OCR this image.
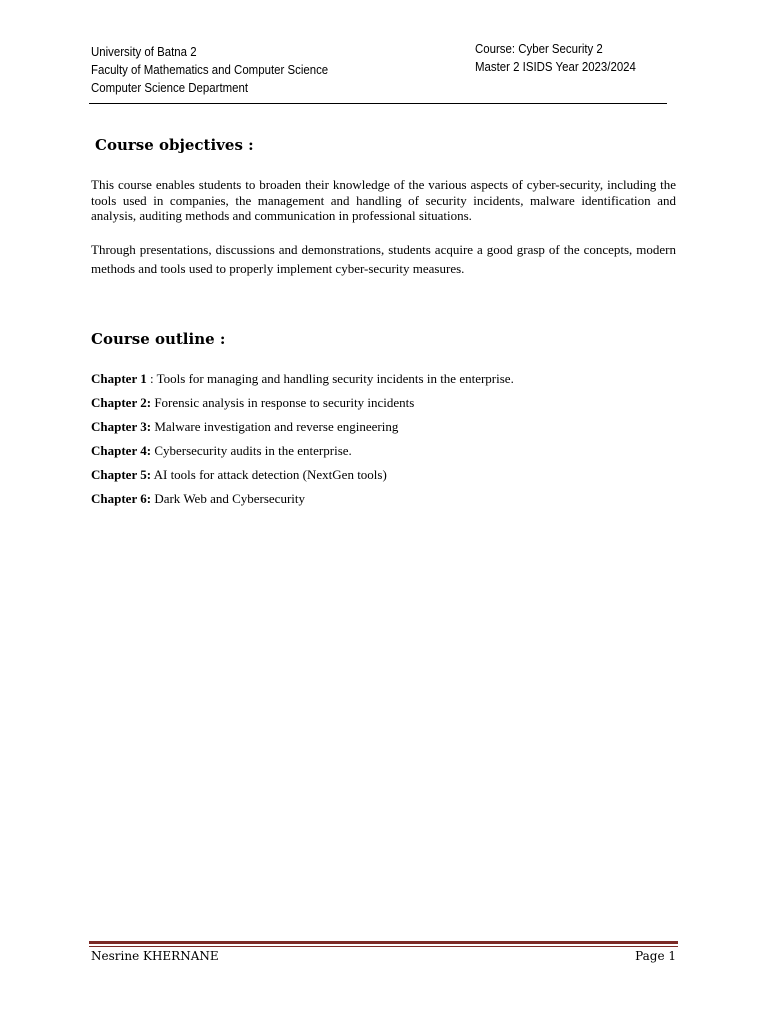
University of Batna 2
Faculty of Mathematics and Computer Science
Computer Science Department
Course: Cyber Security 2
Master 2 ISIDS Year 2023/2024
Course objectives :

This course enables students to broaden their knowledge of the various aspects of cyber-security, including the tools used in companies, the management and handling of security incidents, malware identification and analysis, auditing methods and communication in professional situations.

Through presentations, discussions and demonstrations, students acquire a good grasp of the concepts, modern methods and tools used to properly implement cyber-security measures.

Course outline :
Chapter 1 : Tools for managing and handling security incidents in the enterprise.
Chapter 2: Forensic analysis in response to security incidents
Chapter 3: Malware investigation and reverse engineering
Chapter 4: Cybersecurity audits in the enterprise.
Chapter 5: AI tools for attack detection (NextGen tools)
Chapter 6: Dark Web and Cybersecurity
Nesrine KHERNANE	Page 1
